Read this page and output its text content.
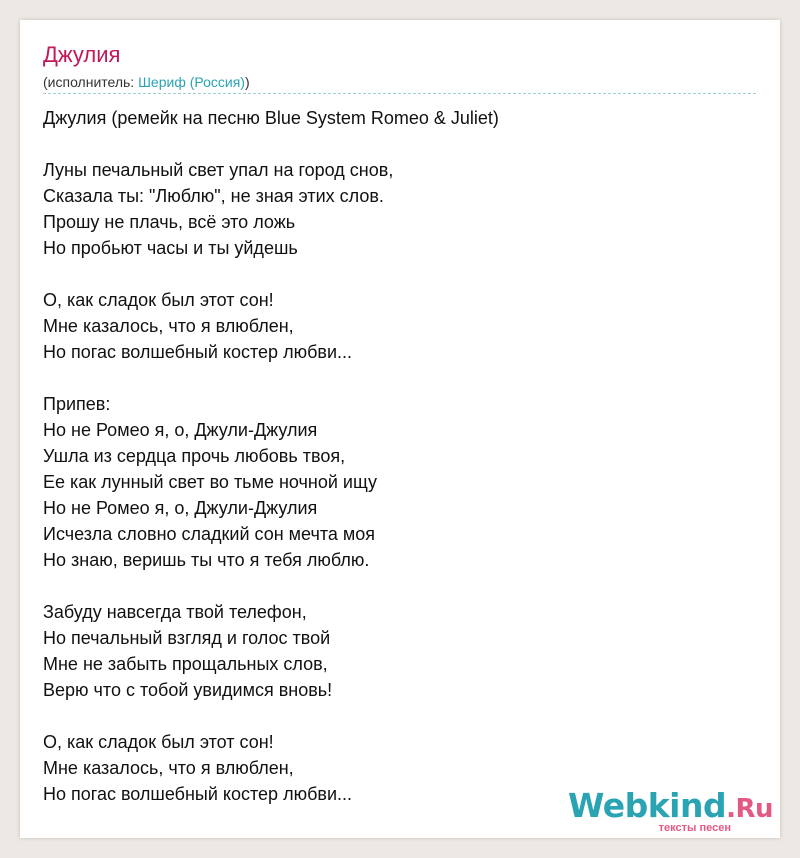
Джулия
(исполнитель: Шериф (Россия))
Джулия (ремейк на песню Blue System Romeo & Juliet)
Луны печальный свет упал на город снов,
Сказала ты: "Люблю", не зная этих слов.
Прошу не плачь, всё это ложь
Но пробьют часы и ты уйдешь
О, как сладок был этот сон!
Мне казалось, что я влюблен,
Но погас волшебный костер любви...
Припев:
Но не Ромео я, о, Джули-Джулия
Ушла из сердца прочь любовь твоя,
Ее как лунный свет во тьме ночной ищу
Но не Ромео я, о, Джули-Джулия
Исчезла словно сладкий сон мечта моя
Но знаю, веришь ты что я тебя люблю.
Забуду навсегда твой телефон,
Но печальный взгляд и голос твой
Мне не забыть прощальных слов,
Верю что с тобой увидимся вновь!
О, как сладок был этот сон!
Мне казалось, что я влюблен,
Но погас волшебный костер любви...	Webkind.Ru
тексты песен
